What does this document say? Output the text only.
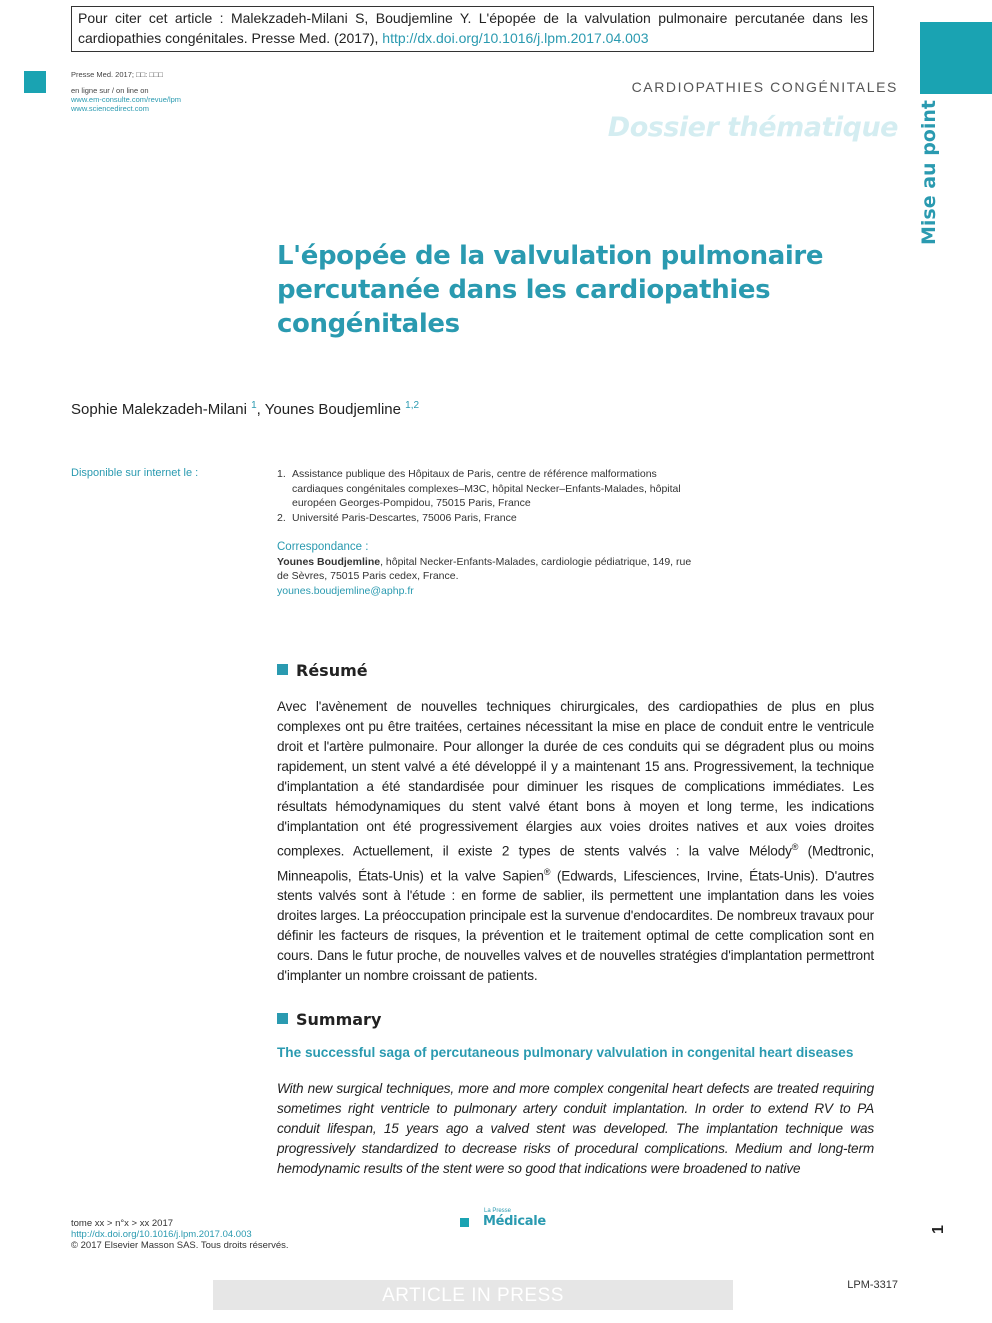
Pour citer cet article : Malekzadeh-Milani S, Boudjemline Y. L'épopée de la valvulation pulmonaire percutanée dans les cardiopathies congénitales. Presse Med. (2017), http://dx.doi.org/10.1016/j.lpm.2017.04.003
Presse Med. 2017; □□: □□□
en ligne sur / on line on
www.em-consulte.com/revue/lpm
www.sciencedirect.com
CARDIOPATHIES CONGÉNITALES
Dossier thématique Mise au point
L'épopée de la valvulation pulmonaire percutanée dans les cardiopathies congénitales
Sophie Malekzadeh-Milani $^1$, Younes Boudjemline $^{1,2}$
Disponible sur internet le :	1. Assistance publique des Hôpitaux de Paris, centre de référence malformations cardiaques congénitales complexes–M3C, hôpital Necker–Enfants-Malades, hôpital européen Georges-Pompidou, 75015 Paris, France
2. Université Paris-Descartes, 75006 Paris, France
Correspondance :
Younes Boudjemline, hôpital Necker-Enfants-Malades, cardiologie pédiatrique, 149, rue de Sèvres, 75015 Paris cedex, France.
younes.boudjemline@aphp.fr
Résumé
Avec l'avènement de nouvelles techniques chirurgicales, des cardiopathies de plus en plus complexes ont pu être traitées, certaines nécessitant la mise en place de conduit entre le ventricule droit et l'artère pulmonaire. Pour allonger la durée de ces conduits qui se dégradent plus ou moins rapidement, un stent valvé a été développé il y a maintenant 15 ans. Progressivement, la technique d'implantation a été standardisée pour diminuer les risques de complications immédiates. Les résultats hémodynamiques du stent valvé étant bons à moyen et long terme, les indications d'implantation ont été progressivement élargies aux voies droites natives et aux voies droites complexes. Actuellement, il existe 2 types de stents valvés : la valve Mélody® (Medtronic, Minneapolis, États-Unis) et la valve Sapien® (Edwards, Lifesciences, Irvine, États-Unis). D'autres stents valvés sont à l'étude : en forme de sablier, ils permettent une implantation dans les voies droites larges. La préoccupation principale est la survenue d'endocardites. De nombreux travaux pour définir les facteurs de risques, la prévention et le traitement optimal de cette complication sont en cours. Dans le futur proche, de nouvelles valves et de nouvelles stratégies d'implantation permettront d'implanter un nombre croissant de patients.
Summary
The successful saga of percutaneous pulmonary valvulation in congenital heart diseases
With new surgical techniques, more and more complex congenital heart defects are treated requiring sometimes right ventricle to pulmonary artery conduit implantation. In order to extend RV to PA conduit lifespan, 15 years ago a valved stent was developed. The implantation technique was progressively standardized to decrease risks of procedural complications. Medium and long-term hemodynamic results of the stent were so good that indications were broadened to native
tome xx > n°x > xx 2017
http://dx.doi.org/10.1016/j.lpm.2017.04.003
© 2017 Elsevier Masson SAS. Tous droits réservés.
La Presse
Médicale
1
ARTICLE IN PRESS	LPM-3317
